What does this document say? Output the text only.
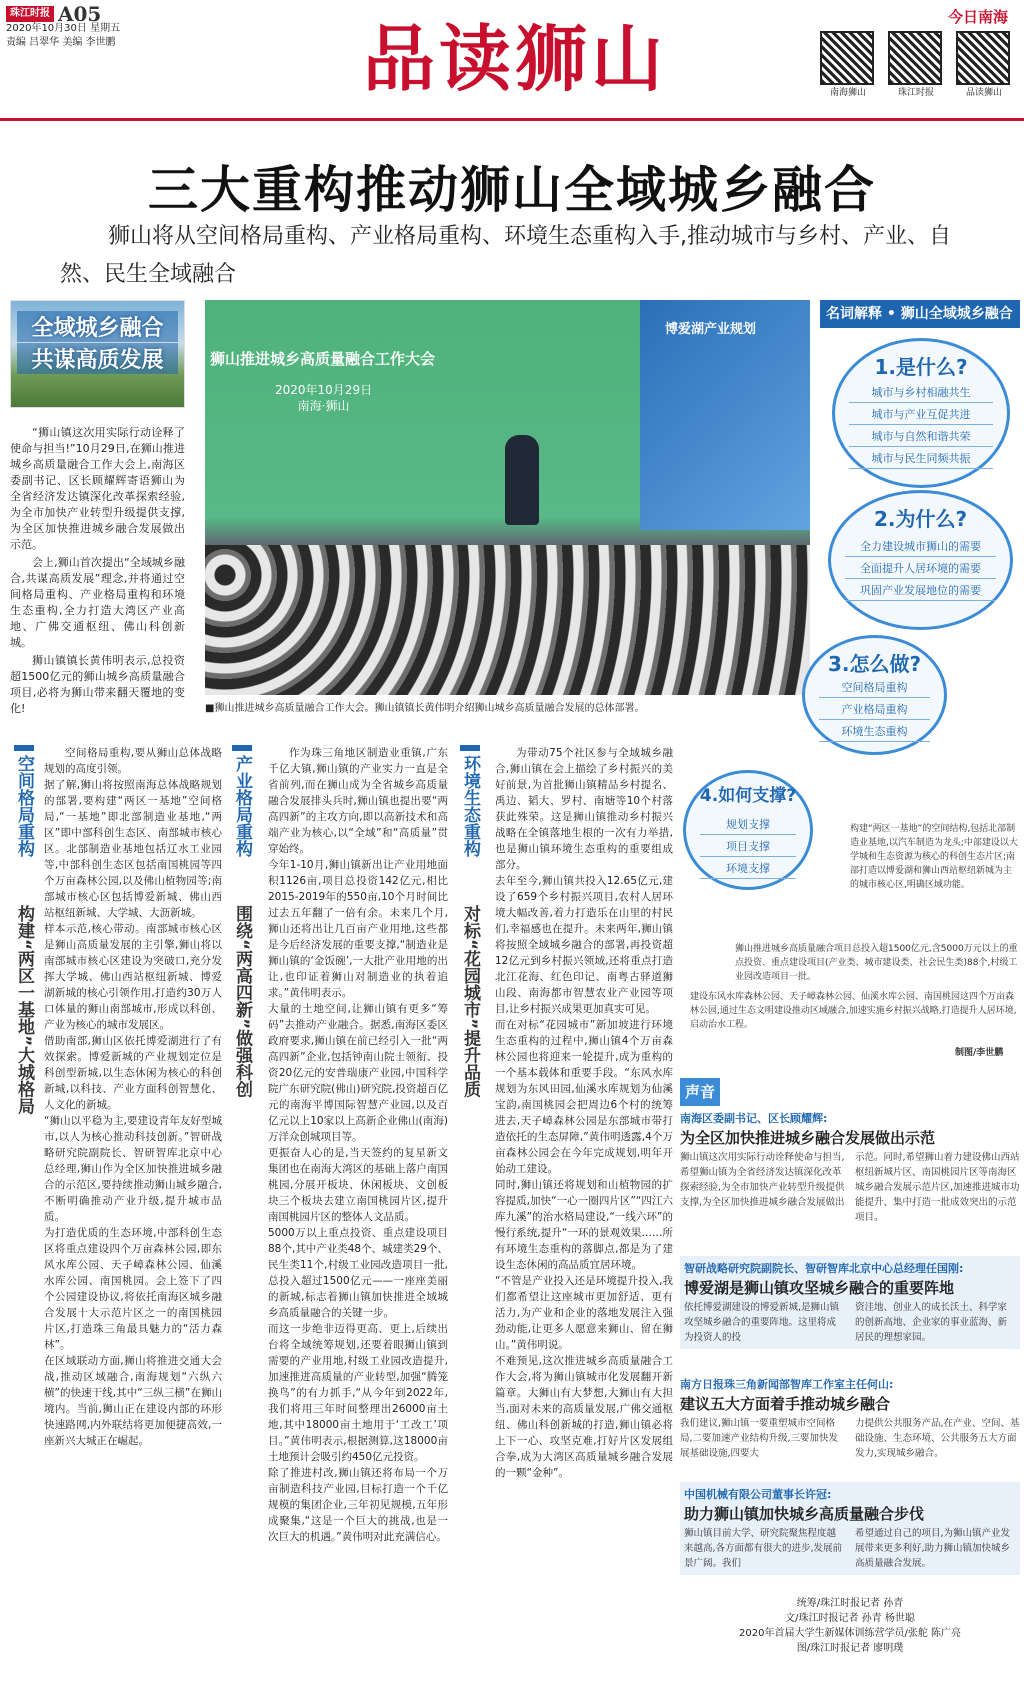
珠江时报 A05
2020年10月30日 星期五
责编 吕翠华 美编 李世鹏	品读狮山	今日南海
南海狮山	珠江时报	品读狮山
三大重构推动狮山全域城乡融合
狮山将从空间格局重构、产业格局重构、环境生态重构入手,推动城市与乡村、产业、自然、民生全域融合
全域城乡融合
共谋高质发展

“狮山镇这次用实际行动诠释了使命与担当!”10月29日,在狮山推进城乡高质量融合工作大会上,南海区委副书记、区长顾耀辉寄语狮山为全省经济发达镇深化改革探索经验,为全市加快产业转型升级提供支撑,为全区加快推进城乡融合发展做出示范。

会上,狮山首次提出“全域城乡融合,共谋高质发展”理念,并将通过空间格局重构、产业格局重构和环境生态重构,全力打造大湾区产业高地、广佛交通枢纽、佛山科创新城。

狮山镇镇长黄伟明表示,总投资超1500亿元的狮山城乡高质量融合项目,必将为狮山带来翻天覆地的变化!

狮山推进城乡高质量融合工作大会
2020年10月29日
南海·狮山
博爱湖产业规划
■狮山推进城乡高质量融合工作大会。狮山镇镇长黄伟明介绍狮山城乡高质量融合发展的总体部署。
名词解释 • 狮山全域城乡融合
1.是什么?
城市与乡村相融共生
城市与产业互促共进
城市与自然和谐共荣
城市与民生同频共振
2.为什么?
全力建设城市狮山的需要
全面提升人居环境的需要
巩固产业发展地位的需要
3.怎么做?
空间格局重构
产业格局重构
环境生态重构
4.如何支撑?
规划支撑
项目支撑
环境支撑
构建“两区一基地”的空间结构,包括北部制造业基地,以汽车制造为龙头;中部建设以大学城和生态资源为核心的科创生态片区;南部打造以博爱湖和狮山西站枢纽新城为主的城市核心区,明确区域功能。
狮山推进城乡高质量融合项目总投入超1500亿元,含5000万元以上的重点投资、重点建设项目(产业类、城市建设类、社会民生类)88个,村级工业园改造项目一批。
建设东风水库森林公园、天子嶂森林公园、仙溪水库公园、南国桃园这四个万亩森林公园,通过生态文明建设推动区域融合,加速实施乡村振兴战略,打造提升人居环境,启动治水工程。
制图/李世鹏
空间格局重构
构建“两区一基地”大城格局
产业格局重构
围绕“两高四新”做强科创
环境生态重构
对标“花园城市”提升品质

空间格局重构,要从狮山总体战略规划的高度引领。
据了解,狮山将按照南海总体战略规划的部署,要构建“两区一基地”空间格局,“一基地”即北部制造业基地,“两区”即中部科创生态区、南部城市核心区。北部制造业基地包括辽水工业园等,中部科创生态区包括南国桃园等四个万亩森林公园,以及佛山植物园等;南部城市核心区包括博爱新城、佛山西站枢纽新城、大学城、大沥新城。
样本示范,核心带动。南部城市核心区是狮山高质量发展的主引擎,狮山将以南部城市核心区建设为突破口,充分发挥大学城、佛山西站枢纽新城、博爱湖新城的核心引领作用,打造约30万人口体量的狮山南部城市,形成以科创、产业为核心的城市发展区。
借助南部,狮山区依托博爱湖进行了有效探索。博爱新城的产业规划定位是科创型新城,以生态休闲为核心的科创新城,以科技、产业方面科创智慧化、人文化的新城。
“狮山以平稳为主,要建设青年友好型城市,以人为核心推动科技创新。”智研战略研究院副院长、智研智库北京中心总经理,狮山作为全区加快推进城乡融合的示范区,要持续推动狮山城乡融合,不断明确推动产业升级,提升城市品质。
为打造优质的生态环境,中部科创生态区将重点建设四个万亩森林公园,即东风水库公园、天子嶂森林公园、仙溪水库公园、南国桃园。会上签下了四个公园建设协议,将依托南海区城乡融合发展十大示范片区之一的南国桃园片区,打造珠三角最具魅力的“活力森林”。
在区域联动方面,狮山将推进交通大会战,推动区域融合,南海规划“六纵六横”的快速干线,其中“三纵三横”在狮山境内。当前,狮山正在建设内部的环形快速路网,内外联结将更加便捷高效,一座新兴大城正在崛起。

作为珠三角地区制造业重镇,广东千亿大镇,狮山镇的产业实力一直是全省前列,而在狮山成为全省城乡高质量融合发展排头兵时,狮山镇也提出要“两高四新”的主攻方向,即以高新技术和高端产业为核心,以“全域”和“高质量”贯穿始终。
今年1-10月,狮山镇新出让产业用地面积1126亩,项目总投资142亿元,相比2015-2019年的550亩,10个月时间比过去五年翻了一倍有余。未来几个月,狮山还将出让几百亩产业用地,这些都是今后经济发展的重要支撑,“制造业是狮山镇的‘金饭碗’,一大批产业用地的出让,也印证着狮山对制造业的执着追求。”黄伟明表示。
大量的土地空间,让狮山镇有更多“筹码”去推动产业融合。据悉,南海区委区政府要求,狮山镇在前已经引入一批“两高四新”企业,包括钟南山院士领衔、投资20亿元的安普瑞康产业园,中国科学院广东研究院(佛山)研究院,投资超百亿元的南海平博国际智慧产业园,以及百亿元以上10家以上高新企业佛山(南海)万洋众创城项目等。
更振奋人心的是,当天签约的复星新文集团也在南海大湾区的基础上落户南国桃园,分展开板块、休闲板块、文创板块三个板块去建立南国桃园片区,提升南国桃园片区的整体人文品质。
5000万以上重点投资、重点建设项目88个,其中产业类48个、城建类29个、民生类11个,村级工业园改造项目一批,总投入超过1500亿元——一座座美丽的新城,标志着狮山镇加快推进全域城乡高质量融合的关键一步。
而这一步绝非迈得更高、更上,后续出台将全域统筹规划,还要着眼狮山镇到需要的产业用地,村级工业园改造提升,加速推进高质量的产业转型,加强“腾笼换鸟”的有力抓手,“从今年到2022年,我们将用三年时间整理出26000亩土地,其中18000亩土地用于‘工改工’项目。”黄伟明表示,根据测算,这18000亩土地预计会吸引约450亿元投资。
除了推进村改,狮山镇还将布局一个万亩制造科技产业园,目标打造一个千亿规模的集团企业,三年初见规模,五年形成聚集,“这是一个巨大的挑战,也是一次巨大的机遇。”黄伟明对此充满信心。

为带动75个社区参与全域城乡融合,狮山镇在会上描绘了乡村振兴的美好前景,为首批狮山镇精品乡村提名、禹边、韬大、罗村、南塘等10个村落获此殊荣。这是狮山镇推动乡村振兴战略在全镇落地生根的一次有力举措,也是狮山镇环境生态重构的重要组成部分。
去年至今,狮山镇共投入12.65亿元,建设了659个乡村振兴项目,农村人居环境大幅改善,着力打造乐在山里的村民们,幸福感也在提升。未来两年,狮山镇将按照全域城乡融合的部署,再投资超12亿元到乡村振兴领域,还将重点打造北江花海、红色印记、南粤古驿道狮山段、南海都市智慧农业产业园等项目,让乡村振兴成果更加真实可见。
而在对标“花园城市”新加坡进行环境生态重构的过程中,狮山镇4个万亩森林公园也将迎来一轮提升,成为重构的一个基本载体和重要手段。“东风水库规划为东风田园,仙溪水库规划为仙溪宝韵,南国桃园会把周边6个村的统筹进去,天子嶂森林公园是东部城市带打造依托的生态屏障,”黄伟明透露,4个万亩森林公园会在今年完成规划,明年开始动工建设。
同时,狮山镇还将规划和山植物园的扩容提质,加快“一心一圈四片区”“四江六库九溪”的治水格局建设,“一线六环”的慢行系统,提升“一环的景观效果……所有环境生态重构的落脚点,都是为了建设生态休闲的高品质宜居环境。
“不管是产业投入还是环境提升投入,我们都希望让这座城市更加舒适、更有活力,为产业和企业的落地发展注入强劲动能,让更多人愿意来狮山、留在狮山。”黄伟明说。
不难预见,这次推进城乡高质量融合工作大会,将为狮山镇城市化发展翻开新篇章。大狮山有大梦想,大狮山有大担当,面对未来的高质量发展,广佛交通枢纽、佛山科创新城的打造,狮山镇必将上下一心、攻坚克难,打好片区发展组合拳,成为大湾区高质量城乡融合发展的一颗“金种”。

声音
南海区委副书记、区长顾耀辉:
为全区加快推进城乡融合发展做出示范
狮山镇这次用实际行动诠释使命与担当,希望狮山镇为全省经济发达镇深化改革探索经验,为全市加快产业转型升级提供支撑,为全区加快推进城乡融合发展做出
示范。同时,希望狮山着力建设佛山西站枢纽新城片区、南国桃园片区等南海区城乡融合发展示范片区,加速推进城市功能提升、集中打造一批成效突出的示范项目。
智研战略研究院副院长、智研智库北京中心总经理任国刚:
博爱湖是狮山镇攻坚城乡融合的重要阵地
依托博爱湖建设的博爱新城,是狮山镇攻坚城乡融合的重要阵地。这里将成为投资人的投
资洼地、创业人的成长沃土、科学家的创新高地、企业家的事业蓝海、新居民的理想家园。
南方日报珠三角新闻部智库工作室主任何山:
建议五大方面着手推动城乡融合
我们建议,狮山镇一要重塑城市空间格局,二要加速产业结构升级,三要加快发展基础设施,四要大
力提供公共服务产品,在产业、空间、基础设施、生态环境、公共服务五大方面发力,实现城乡融合。
中国机械有限公司董事长许冠:
助力狮山镇加快城乡高质量融合步伐
狮山镇目前大学、研究院聚焦程度越来越高,各方面都有很大的进步,发展前景广阔。我们
希望通过自己的项目,为狮山镇产业发展带来更多利好,助力狮山镇加快城乡高质量融合发展。
统筹/珠江时报记者 孙青
文/珠江时报记者 孙青 杨世聪
2020年首届大学生新媒体训练营学员/张舵 陈广亮
图/珠江时报记者 廖明璞
